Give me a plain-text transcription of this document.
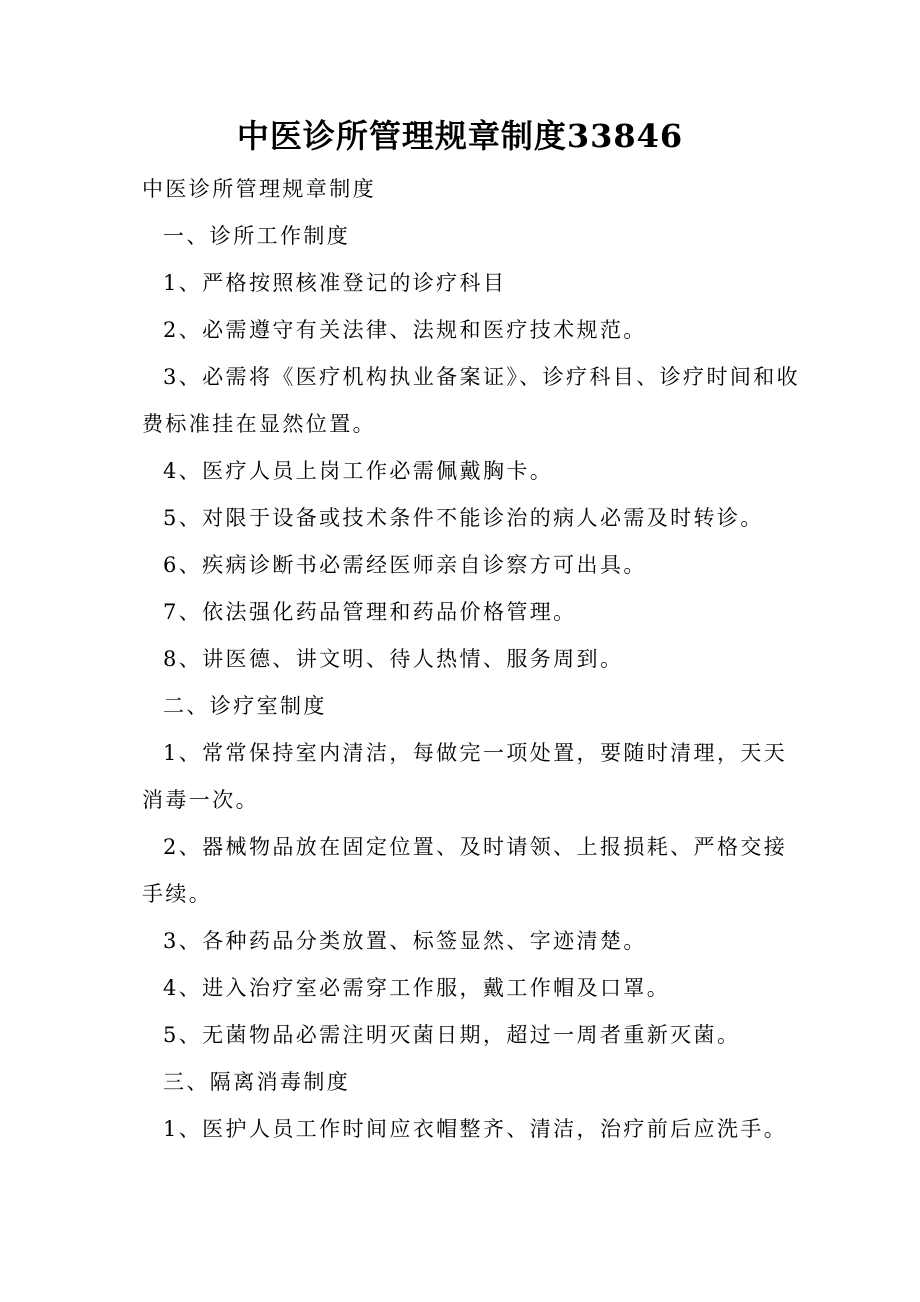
中医诊所管理规章制度33846
中医诊所管理规章制度
一、诊所工作制度
1、严格按照核准登记的诊疗科目
2、必需遵守有关法律、法规和医疗技术规范。
3、必需将《医疗机构执业备案证》、诊疗科目、诊疗时间和收
费标准挂在显然位置。
4、医疗人员上岗工作必需佩戴胸卡。
5、对限于设备或技术条件不能诊治的病人必需及时转诊。
6、疾病诊断书必需经医师亲自诊察方可出具。
7、依法强化药品管理和药品价格管理。
8、讲医德、讲文明、待人热情、服务周到。
二、诊疗室制度
1、常常保持室内清洁，每做完一项处置，要随时清理，天天
消毒一次。
2、器械物品放在固定位置、及时请领、上报损耗、严格交接
手续。
3、各种药品分类放置、标签显然、字迹清楚。
4、进入治疗室必需穿工作服，戴工作帽及口罩。
5、无菌物品必需注明灭菌日期，超过一周者重新灭菌。
三、隔离消毒制度
1、医护人员工作时间应衣帽整齐、清洁，治疗前后应洗手。
